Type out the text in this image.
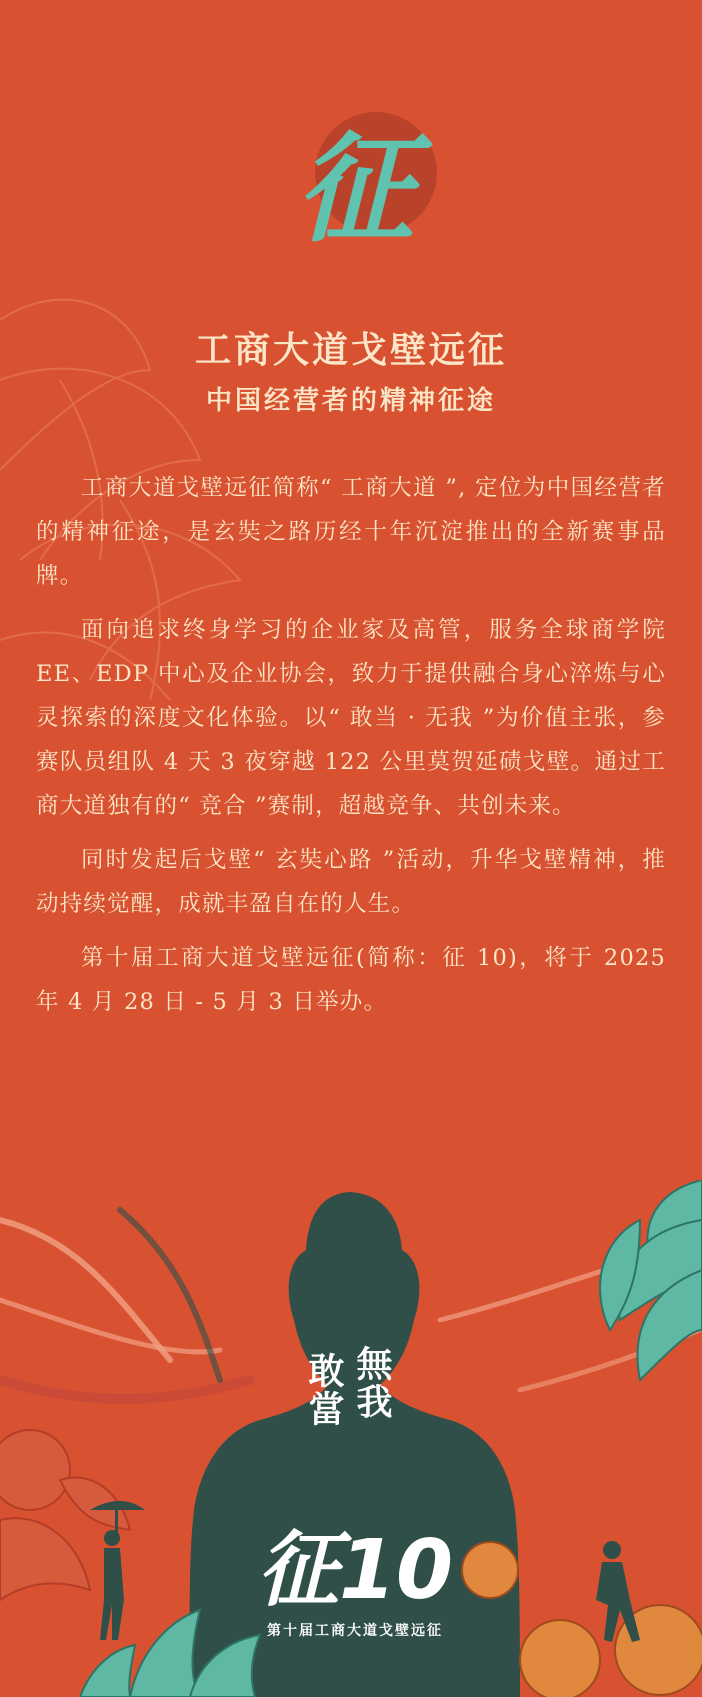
征
工商大道戈壁远征
中国经营者的精神征途

工商大道戈壁远征简称“ 工商大道 ”, 定位为中国经营者的精神征途，是玄奘之路历经十年沉淀推出的全新赛事品牌。

面向追求终身学习的企业家及高管，服务全球商学院 EE、EDP 中心及企业协会，致力于提供融合身心淬炼与心灵探索的深度文化体验。以“ 敢当 · 无我 ”为价值主张，参赛队员组队 4 天 3 夜穿越 122 公里莫贺延碛戈壁。通过工商大道独有的“ 竞合 ”赛制，超越竞争、共创未来。

同时发起后戈壁“ 玄奘心路 ”活动，升华戈壁精神，推动持续觉醒，成就丰盈自在的人生。

第十届工商大道戈壁远征(简称：征 10)，将于 2025 年 4 月 28 日 - 5 月 3 日举办。

無我
敢當
征10
第十届工商大道戈壁远征
